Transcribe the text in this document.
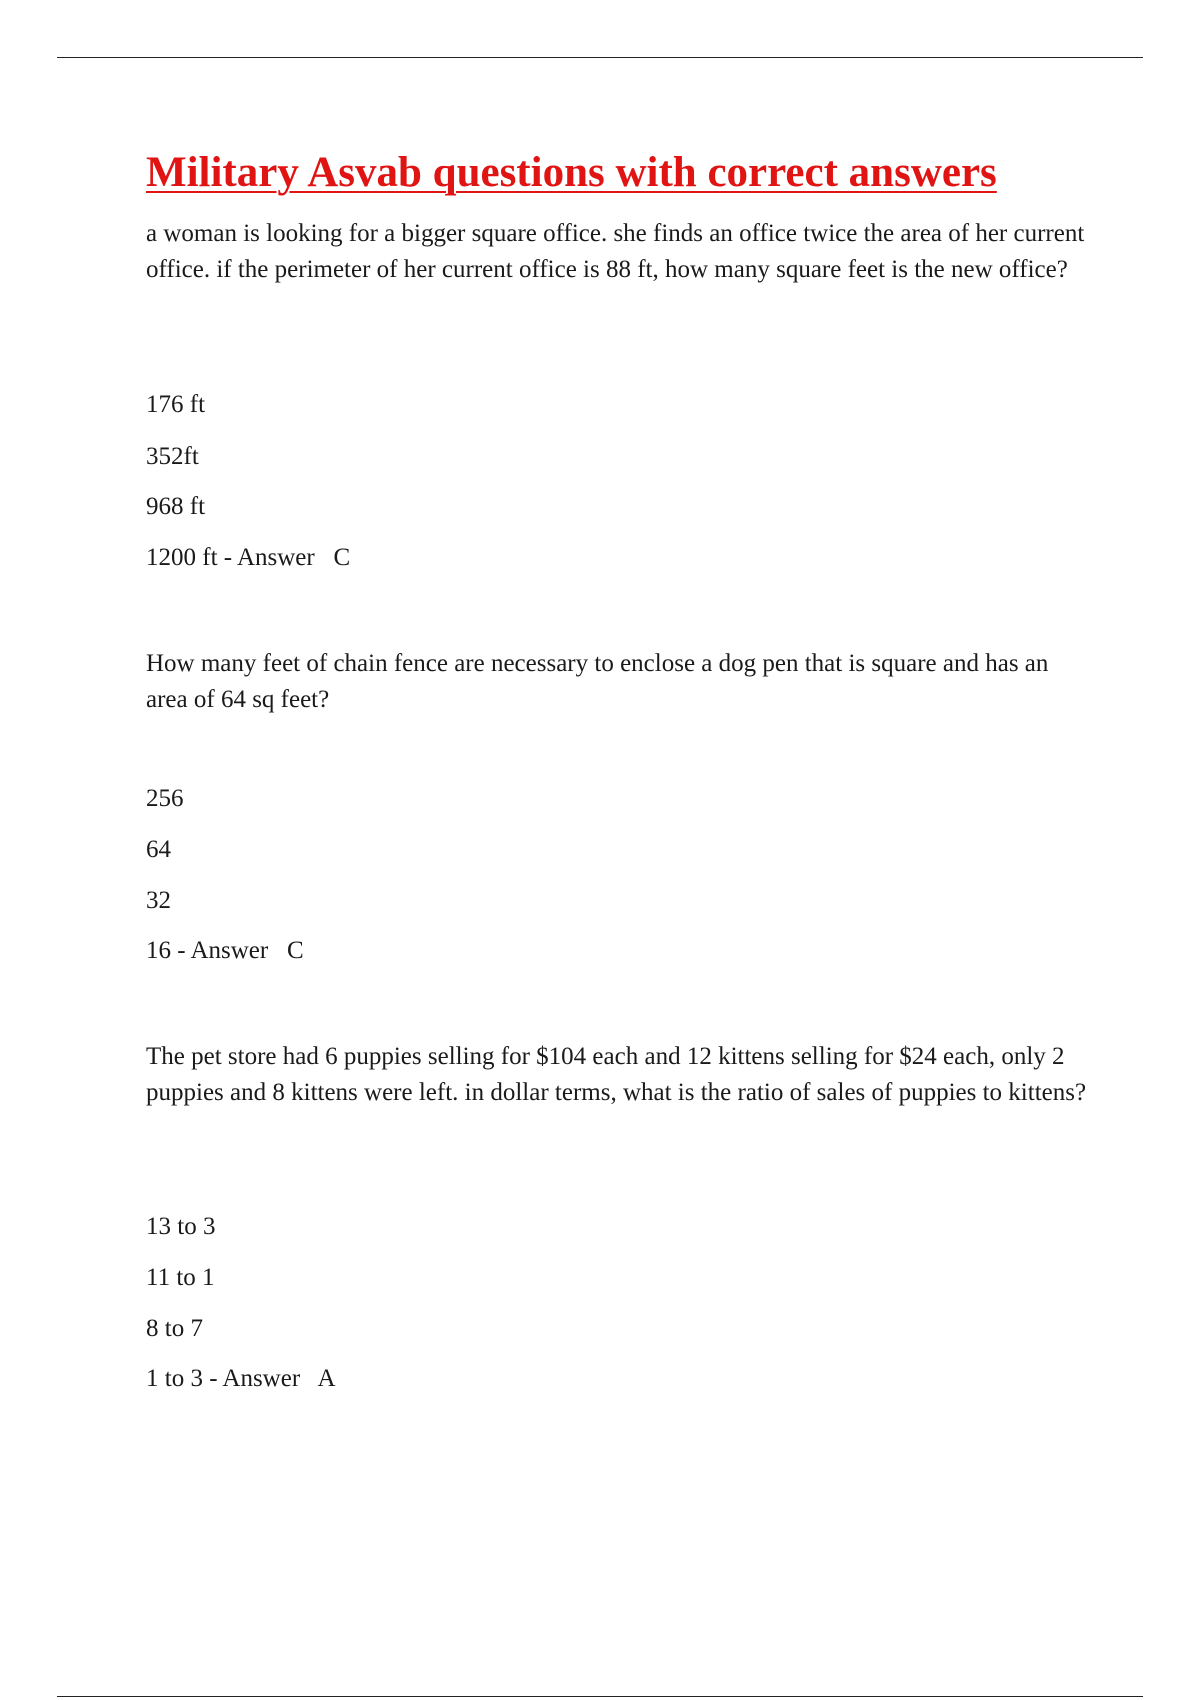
Military Asvab questions with correct answers

a woman is looking for a bigger square office. she finds an office twice the area of her current office. if the perimeter of her current office is 88 ft, how many square feet is the new office?

176 ft

352ft

968 ft

1200 ft - Answer   C

How many feet of chain fence are necessary to enclose a dog pen that is square and has an area of 64 sq feet?

256

64

32

16 - Answer   C

The pet store had 6 puppies selling for $104 each and 12 kittens selling for $24 each, only 2 puppies and 8 kittens were left. in dollar terms, what is the ratio of sales of puppies to kittens?

13 to 3

11 to 1

8 to 7

1 to 3 - Answer   A
